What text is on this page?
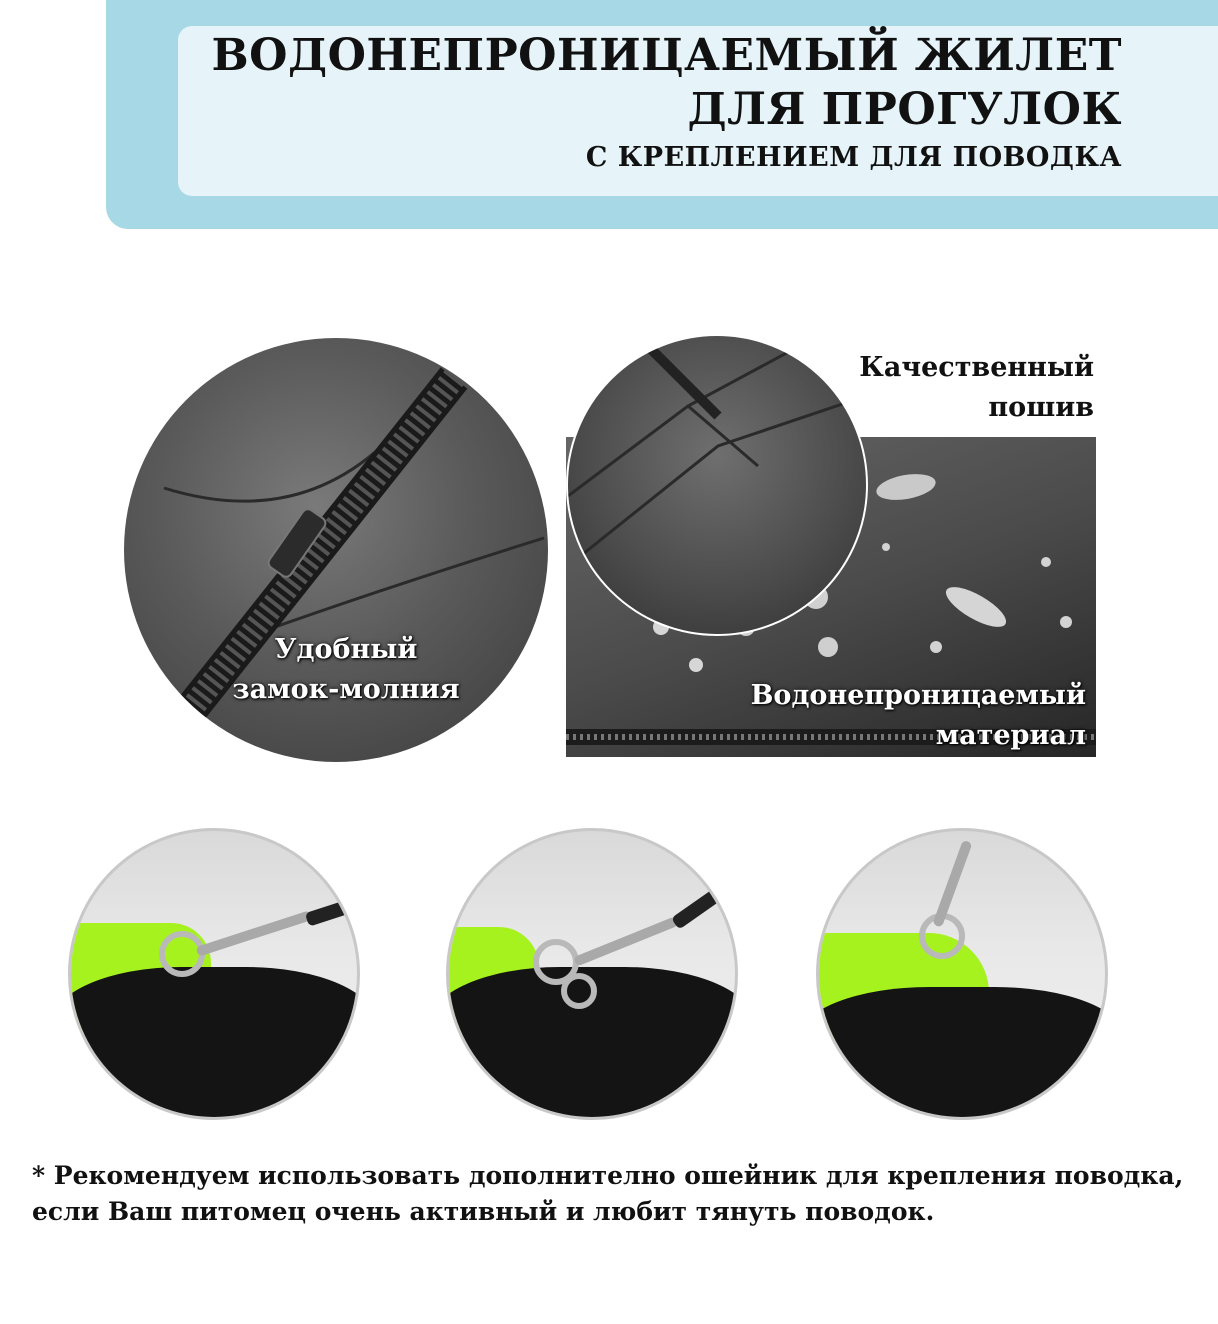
ВОДОНЕПРОНИЦАЕМЫЙ ЖИЛЕТ
ДЛЯ ПРОГУЛОК
С КРЕПЛЕНИЕМ ДЛЯ ПОВОДКА
Удобный
замок-молния
Качественный
пошив
Водонепроницаемый
материал
* Рекомендуем использовать дополнително ошейник для крепления поводка,
если Ваш питомец очень активный и любит тянуть поводок.
